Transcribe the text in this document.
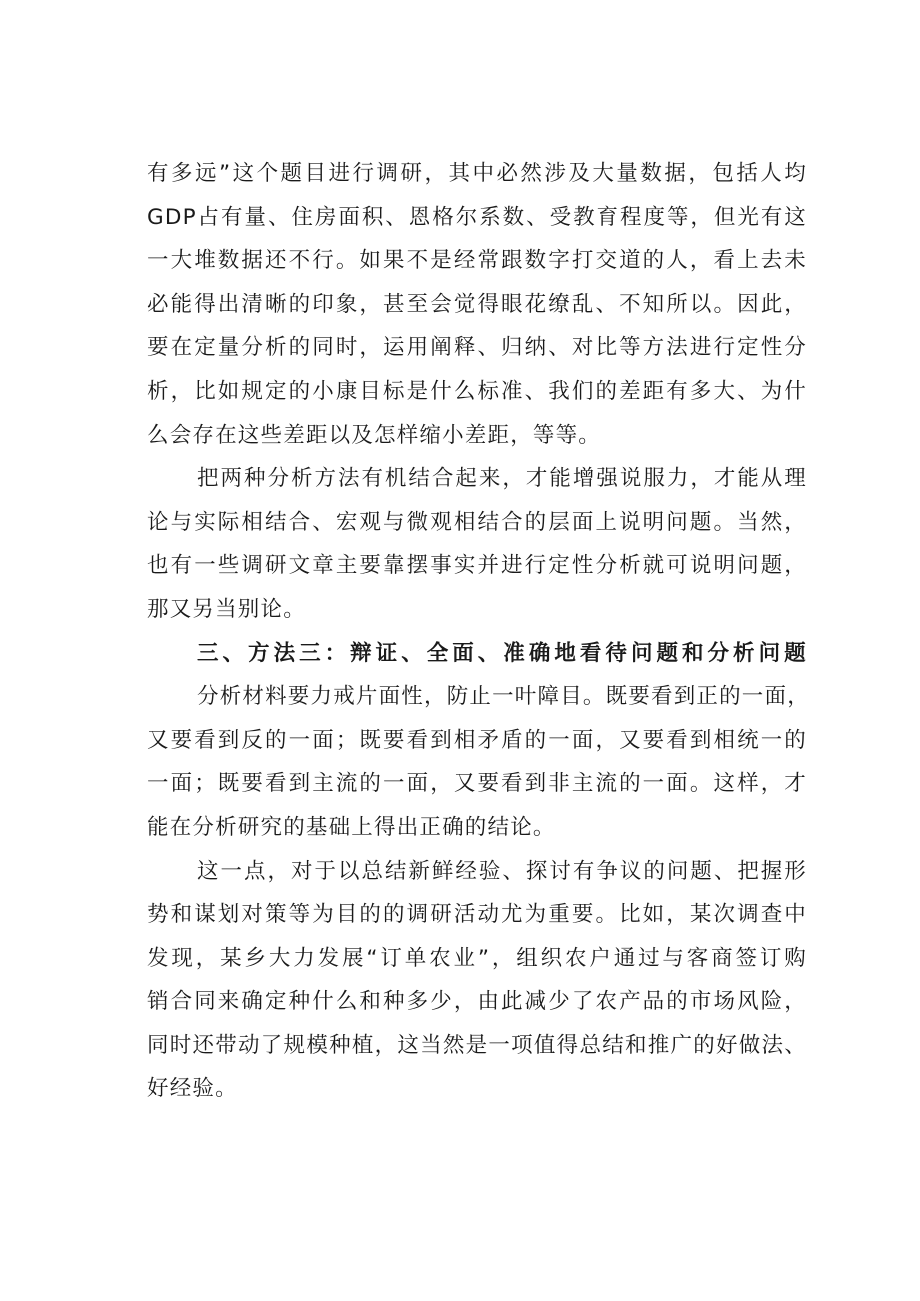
有多远”这个题目进行调研，其中必然涉及大量数据，包括人均
GDP占有量、住房面积、恩格尔系数、受教育程度等，但光有这
一大堆数据还不行。如果不是经常跟数字打交道的人，看上去未
必能得出清晰的印象，甚至会觉得眼花缭乱、不知所以。因此，
要在定量分析的同时，运用阐释、归纳、对比等方法进行定性分
析，比如规定的小康目标是什么标准、我们的差距有多大、为什
么会存在这些差距以及怎样缩小差距，等等。
把两种分析方法有机结合起来，才能增强说服力，才能从理
论与实际相结合、宏观与微观相结合的层面上说明问题。当然，
也有一些调研文章主要靠摆事实并进行定性分析就可说明问题，
那又另当别论。
三、方法三：辩证、全面、准确地看待问题和分析问题
分析材料要力戒片面性，防止一叶障目。既要看到正的一面，
又要看到反的一面；既要看到相矛盾的一面，又要看到相统一的
一面；既要看到主流的一面，又要看到非主流的一面。这样，才
能在分析研究的基础上得出正确的结论。
这一点，对于以总结新鲜经验、探讨有争议的问题、把握形
势和谋划对策等为目的的调研活动尤为重要。比如，某次调查中
发现，某乡大力发展“订单农业”，组织农户通过与客商签订购
销合同来确定种什么和种多少，由此减少了农产品的市场风险，
同时还带动了规模种植，这当然是一项值得总结和推广的好做法、
好经验。
